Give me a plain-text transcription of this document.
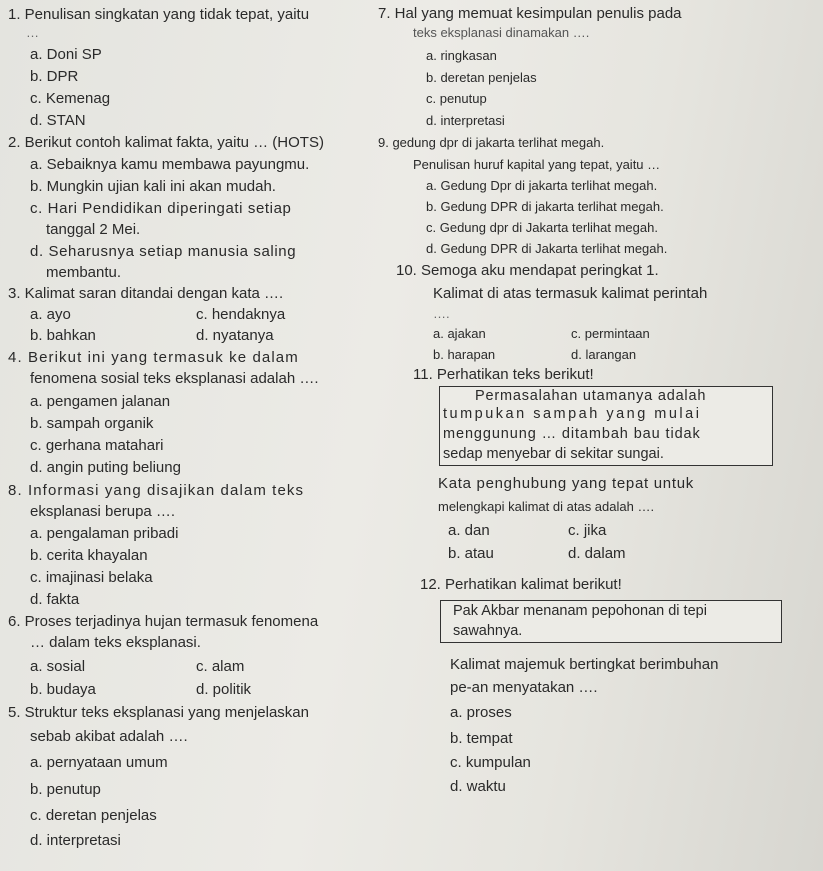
1. Penulisan singkatan yang tidak tepat, yaitu
…
a. Doni SP
b. DPR
c. Kemenag
d. STAN
2. Berikut contoh kalimat fakta, yaitu … (HOTS)
a. Sebaiknya kamu membawa payungmu.
b. Mungkin ujian kali ini akan mudah.
c. Hari Pendidikan diperingati setiap
tanggal 2 Mei.
d. Seharusnya setiap manusia saling
membantu.
3. Kalimat saran ditandai dengan kata ….
a. ayo	c. hendaknya
b. bahkan	d. nyatanya
4. Berikut ini yang termasuk ke dalam
fenomena sosial teks eksplanasi adalah ….
a. pengamen jalanan
b. sampah organik
c. gerhana matahari
d. angin puting beliung
8. Informasi yang disajikan dalam teks
eksplanasi berupa ….
a. pengalaman pribadi
b. cerita khayalan
c. imajinasi belaka
d. fakta
6. Proses terjadinya hujan termasuk fenomena
… dalam teks eksplanasi.
a. sosial	c. alam
b. budaya	d. politik
5. Struktur teks eksplanasi yang menjelaskan
sebab akibat adalah ….
a. pernyataan umum
b. penutup
c. deretan penjelas
d. interpretasi
7. Hal yang memuat kesimpulan penulis pada
teks eksplanasi dinamakan ….
a. ringkasan
b. deretan penjelas
c. penutup
d. interpretasi
9. gedung dpr di jakarta terlihat megah.
Penulisan huruf kapital yang tepat, yaitu …
a. Gedung Dpr di jakarta terlihat megah.
b. Gedung DPR di jakarta terlihat megah.
c. Gedung dpr di Jakarta terlihat megah.
d. Gedung DPR di Jakarta terlihat megah.
10. Semoga aku mendapat peringkat 1.
Kalimat di atas termasuk kalimat perintah
….
a. ajakan	c. permintaan
b. harapan	d. larangan
11. Perhatikan teks berikut!
Permasalahan utamanya adalah
tumpukan sampah yang mulai
menggunung … ditambah bau tidak
sedap menyebar di sekitar sungai.
Kata penghubung yang tepat untuk
melengkapi kalimat di atas adalah ….
a. dan	c. jika
b. atau	d. dalam
12. Perhatikan kalimat berikut!
Pak Akbar menanam pepohonan di tepi
sawahnya.
Kalimat majemuk bertingkat berimbuhan
pe-an menyatakan ….
a. proses
b. tempat
c. kumpulan
d. waktu
